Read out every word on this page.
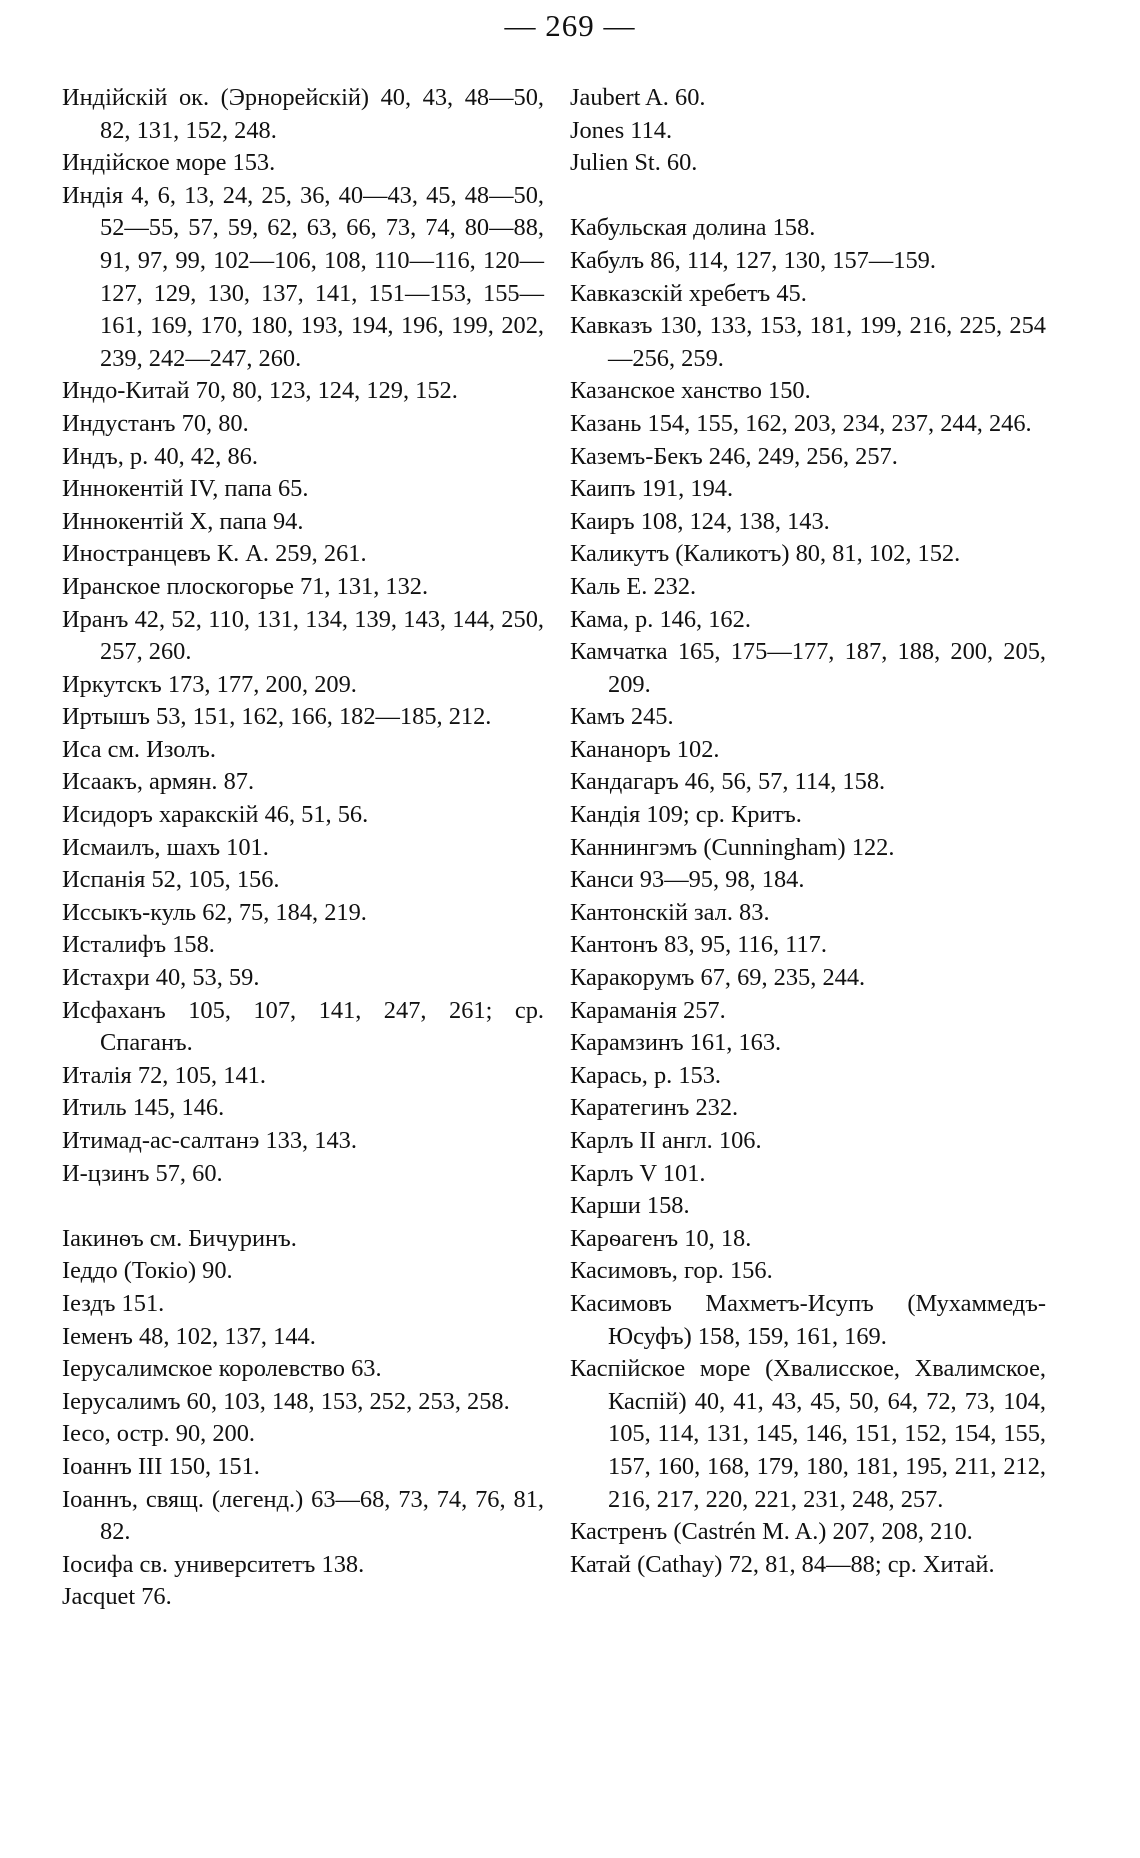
— 269 —

Индійскій ок. (Эрнорейскій) 40, 43, 48—50, 82, 131, 152, 248.

Индійское море 153.

Индія 4, 6, 13, 24, 25, 36, 40—43, 45, 48—50, 52—55, 57, 59, 62, 63, 66, 73, 74, 80—88, 91, 97, 99, 102—106, 108, 110—116, 120—127, 129, 130, 137, 141, 151—153, 155—161, 169, 170, 180, 193, 194, 196, 199, 202, 239, 242—247, 260.

Индо-Китай 70, 80, 123, 124, 129, 152.

Индустанъ 70, 80.

Индъ, р. 40, 42, 86.

Иннокентій IV, папа 65.

Иннокентій X, папа 94.

Иностранцевъ К. А. 259, 261.

Иранское плоскогорье 71, 131, 132.

Иранъ 42, 52, 110, 131, 134, 139, 143, 144, 250, 257, 260.

Иркутскъ 173, 177, 200, 209.

Иртышъ 53, 151, 162, 166, 182—185, 212.

Иса см. Изолъ.

Исаакъ, армян. 87.

Исидоръ харакскій 46, 51, 56.

Исмаилъ, шахъ 101.

Испанія 52, 105, 156.

Иссыкъ-куль 62, 75, 184, 219.

Исталифъ 158.

Истахри 40, 53, 59.

Исфаханъ 105, 107, 141, 247, 261; ср. Спаганъ.

Италія 72, 105, 141.

Итиль 145, 146.

Итимад-ас-салтанэ 133, 143.

И-цзинъ 57, 60.

Іакинѳъ см. Бичуринъ.

Іеддо (Токіо) 90.

Іездъ 151.

Іеменъ 48, 102, 137, 144.

Іерусалимское королевство 63.

Іерусалимъ 60, 103, 148, 153, 252, 253, 258.

Іесо, остр. 90, 200.

Іоаннъ III 150, 151.

Іоаннъ, свящ. (легенд.) 63—68, 73, 74, 76, 81, 82.

Іосифа св. университетъ 138.

Jacquet 76.

Jaubert A. 60.

Jones 114.

Julien St. 60.

Кабульская долина 158.

Кабулъ 86, 114, 127, 130, 157—159.

Кавказскій хребетъ 45.

Кавказъ 130, 133, 153, 181, 199, 216, 225, 254—256, 259.

Казанское ханство 150.

Казань 154, 155, 162, 203, 234, 237, 244, 246.

Каземъ-Бекъ 246, 249, 256, 257.

Каипъ 191, 194.

Каиръ 108, 124, 138, 143.

Каликутъ (Каликотъ) 80, 81, 102, 152.

Каль Е. 232.

Кама, р. 146, 162.

Камчатка 165, 175—177, 187, 188, 200, 205, 209.

Камъ 245.

Кананоръ 102.

Кандагаръ 46, 56, 57, 114, 158.

Кандія 109; ср. Критъ.

Каннингэмъ (Cunningham) 122.

Канси 93—95, 98, 184.

Кантонскій зал. 83.

Кантонъ 83, 95, 116, 117.

Каракорумъ 67, 69, 235, 244.

Караманія 257.

Карамзинъ 161, 163.

Карась, р. 153.

Каратегинъ 232.

Карлъ II англ. 106.

Карлъ V 101.

Карши 158.

Карѳагенъ 10, 18.

Касимовъ, гор. 156.

Касимовъ Махметъ-Исупъ (Мухаммедъ-Юсуфъ) 158, 159, 161, 169.

Каспійское море (Хвалисское, Хвалимское, Каспій) 40, 41, 43, 45, 50, 64, 72, 73, 104, 105, 114, 131, 145, 146, 151, 152, 154, 155, 157, 160, 168, 179, 180, 181, 195, 211, 212, 216, 217, 220, 221, 231, 248, 257.

Кастренъ (Castrén M. A.) 207, 208, 210.

Катай (Cathay) 72, 81, 84—88; ср. Хитай.
